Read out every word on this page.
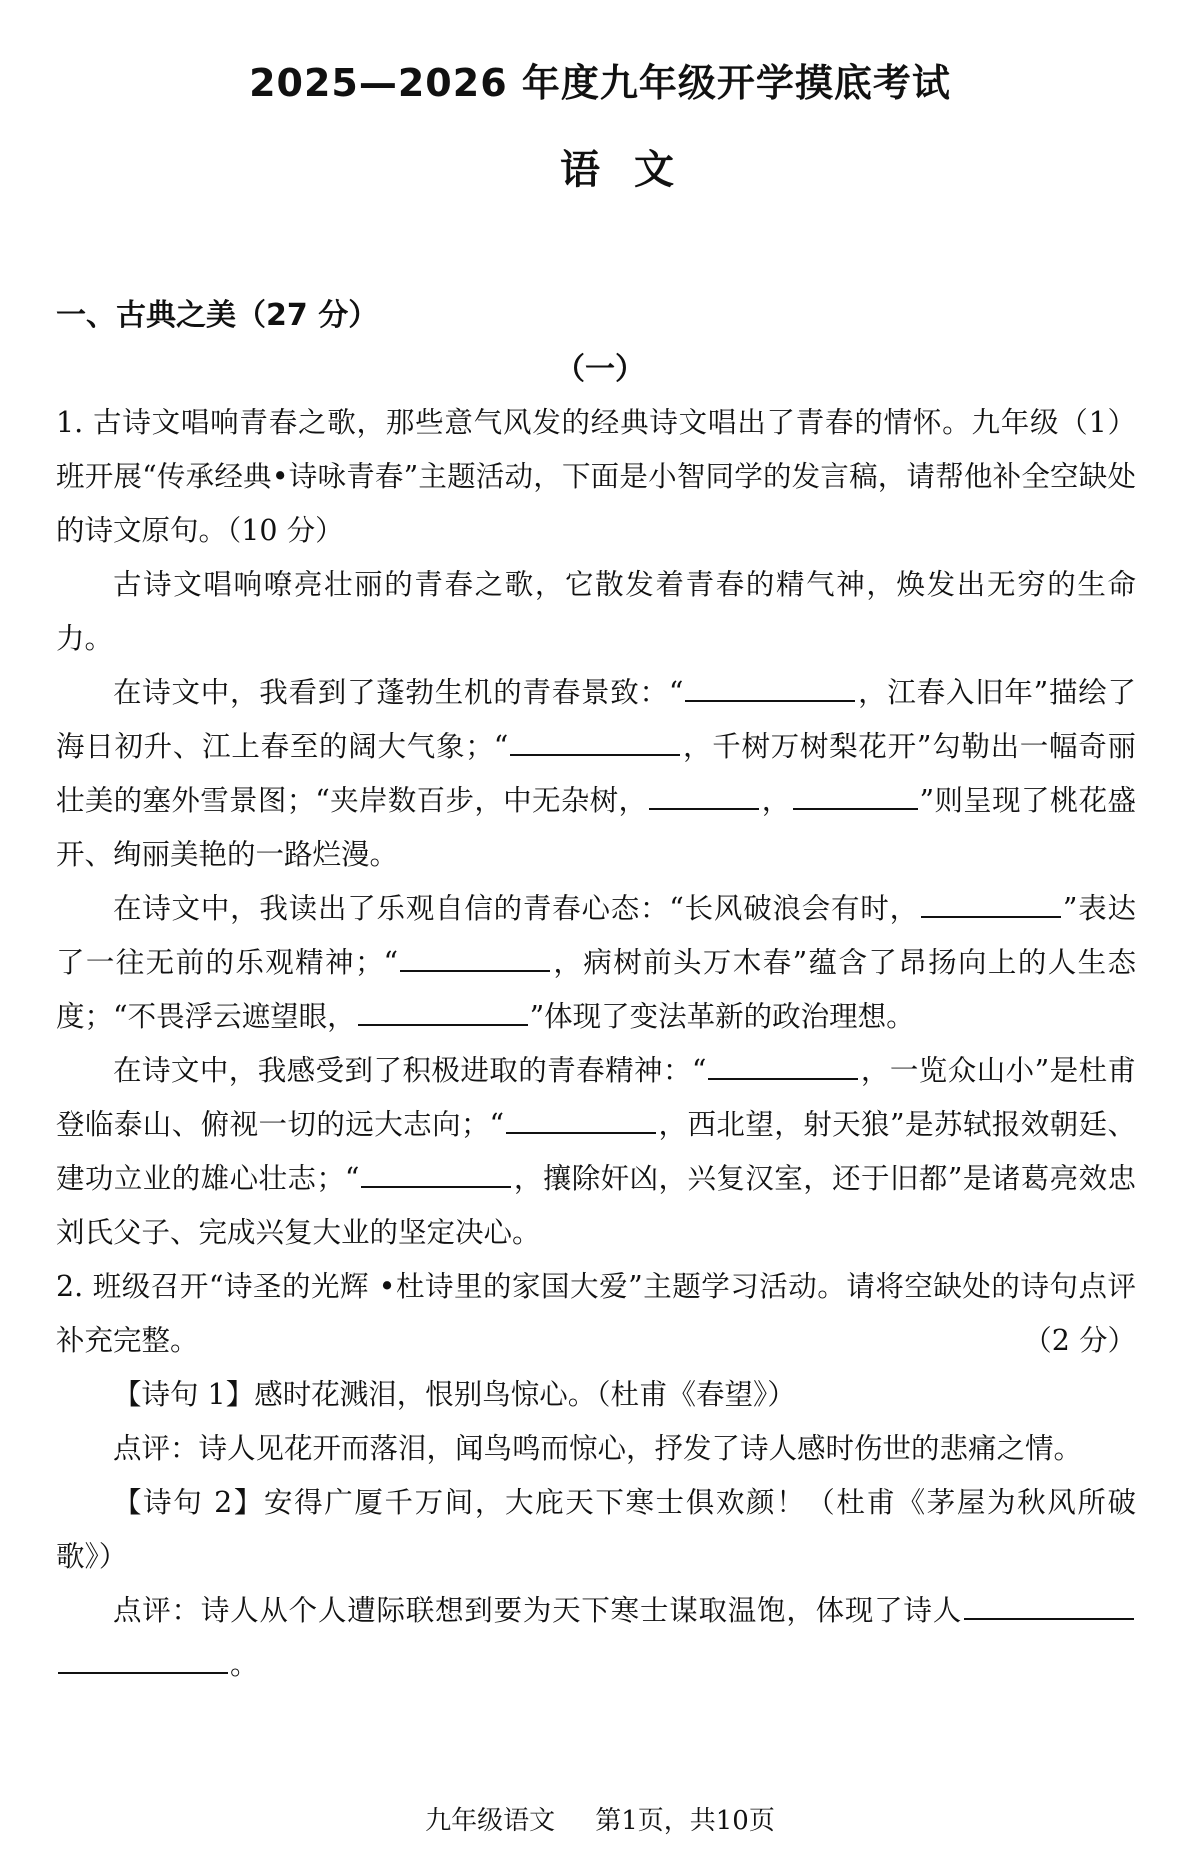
2025—2026 年度九年级开学摸底考试
语文
一、古典之美（27 分）
（一）

1. 古诗文唱响青春之歌，那些意气风发的经典诗文唱出了青春的情怀。九年级（1）班开展“传承经典•诗咏青春”主题活动，下面是小智同学的发言稿，请帮他补全空缺处的诗文原句。（10 分）

古诗文唱响嘹亮壮丽的青春之歌，它散发着青春的精气神，焕发出无穷的生命力。

在诗文中，我看到了蓬勃生机的青春景致：“	，江春入旧年”描绘了海日初升、江上春至的阔大气象；“	，千树万树梨花开”勾勒出一幅奇丽壮美的塞外雪景图；“夹岸数百步，中无杂树，	，	”则呈现了桃花盛开、绚丽美艳的一路烂漫。

在诗文中，我读出了乐观自信的青春心态：“长风破浪会有时，	”表达了一往无前的乐观精神；“	，病树前头万木春”蕴含了昂扬向上的人生态度；“不畏浮云遮望眼，	”体现了变法革新的政治理想。

在诗文中，我感受到了积极进取的青春精神：“	，一览众山小”是杜甫登临泰山、俯视一切的远大志向；“	，西北望，射天狼”是苏轼报效朝廷、建功立业的雄心壮志；“	，攘除奸凶，兴复汉室，还于旧都”是诸葛亮效忠刘氏父子、完成兴复大业的坚定决心。

2. 班级召开“诗圣的光辉 •杜诗里的家国大爱”主题学习活动。请将空缺处的诗句点评补充完整。	（2 分）

【诗句 1】感时花溅泪，恨别鸟惊心。（杜甫《春望》）

点评：诗人见花开而落泪，闻鸟鸣而惊心，抒发了诗人感时伤世的悲痛之情。

【诗句 2】安得广厦千万间，大庇天下寒士俱欢颜！（杜甫《茅屋为秋风所破歌》）

点评：诗人从个人遭际联想到要为天下寒士谋取温饱，体现了诗人。

九年级语文 第1页，共10页
